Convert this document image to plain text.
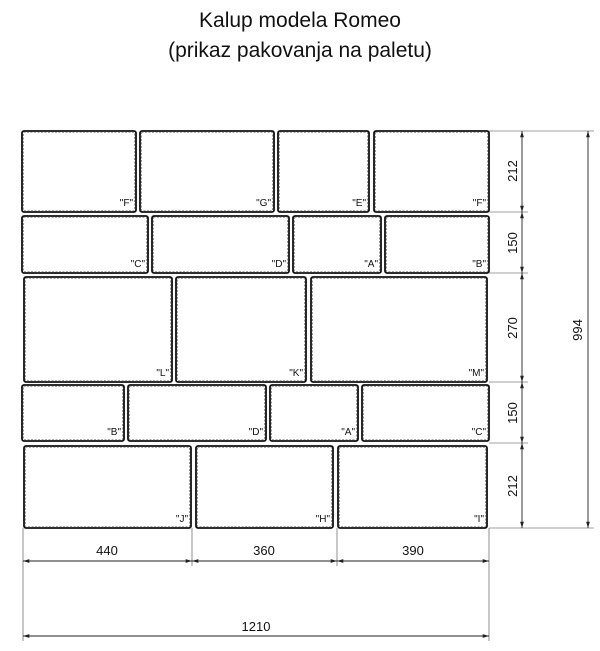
Kalup modela Romeo
(prikaz pakovanja na paletu)
"F"	"G"	"E"	"F"
"C"	"D"	"A"	"B"
"L"	"K"	"M"
"B"	"D"	"A"	"C"
"J"	"H"	"I"
212
150
270
150
212
994
440	360	390
1210
